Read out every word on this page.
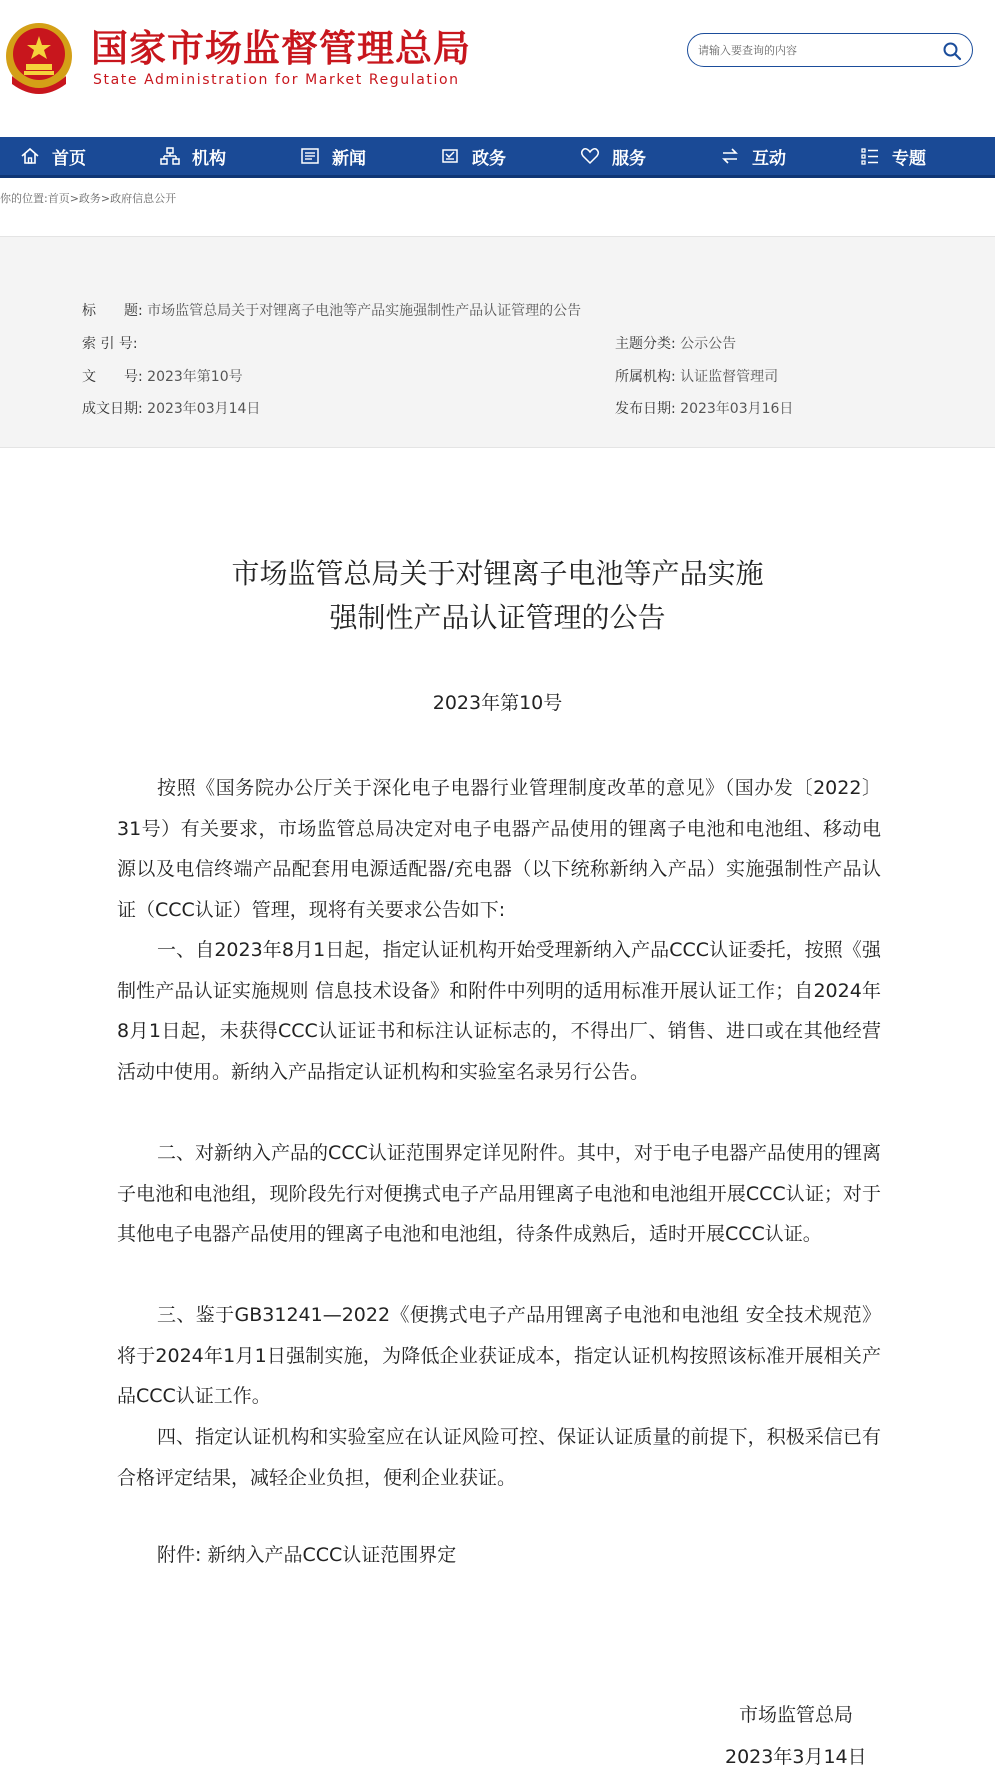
国家市场监督管理总局
State Administration for Market Regulation
请输入要查询的内容
首页	机构	新闻	政务	服务	互动	专题
你的位置:首页>政务>政府信息公开
标　　题: 市场监管总局关于对锂离子电池等产品实施强制性产品认证管理的公告
索 引 号:	主题分类: 公示公告
文　　号: 2023年第10号	所属机构: 认证监督管理司
成文日期: 2023年03月14日	发布日期: 2023年03月16日
市场监管总局关于对锂离子电池等产品实施
强制性产品认证管理的公告
2023年第10号

按照《国务院办公厅关于深化电子电器行业管理制度改革的意见》（国办发〔2022〕31号）有关要求，市场监管总局决定对电子电器产品使用的锂离子电池和电池组、移动电源以及电信终端产品配套用电源适配器/充电器（以下统称新纳入产品）实施强制性产品认证（CCC认证）管理，现将有关要求公告如下:

一、自2023年8月1日起，指定认证机构开始受理新纳入产品CCC认证委托，按照《强制性产品认证实施规则 信息技术设备》和附件中列明的适用标准开展认证工作；自2024年8月1日起，未获得CCC认证证书和标注认证标志的，不得出厂、销售、进口或在其他经营活动中使用。新纳入产品指定认证机构和实验室名录另行公告。

二、对新纳入产品的CCC认证范围界定详见附件。其中，对于电子电器产品使用的锂离子电池和电池组，现阶段先行对便携式电子产品用锂离子电池和电池组开展CCC认证；对于其他电子电器产品使用的锂离子电池和电池组，待条件成熟后，适时开展CCC认证。

三、鉴于GB31241—2022《便携式电子产品用锂离子电池和电池组 安全技术规范》将于2024年1月1日强制实施，为降低企业获证成本，指定认证机构按照该标准开展相关产品CCC认证工作。

四、指定认证机构和实验室应在认证风险可控、保证认证质量的前提下，积极采信已有合格评定结果，减轻企业负担，便利企业获证。

附件: 新纳入产品CCC认证范围界定
市场监管总局
2023年3月14日
